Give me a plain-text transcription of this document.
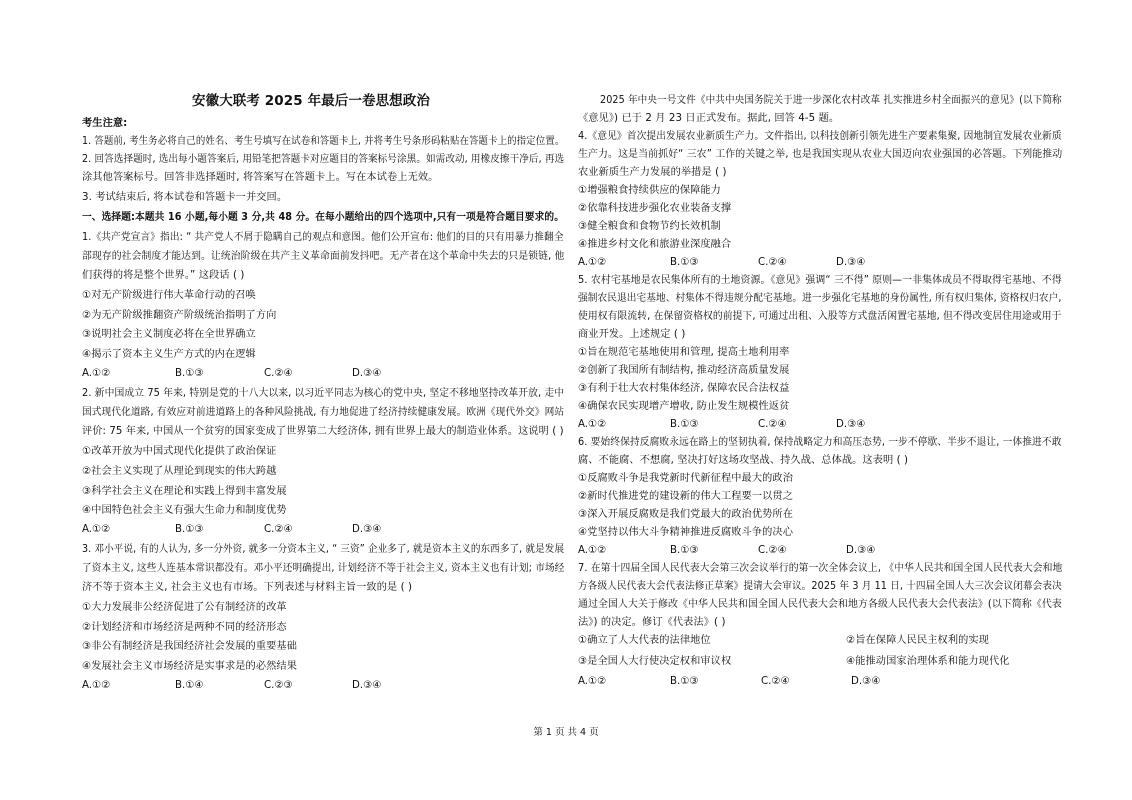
安徽大联考 2025 年最后一卷思想政治
考生注意:
1. 答题前, 考生务必将自己的姓名、考生号填写在试卷和答题卡上, 并将考生号条形码粘贴在答题卡上的指定位置。
2. 回答选择题时, 选出每小题答案后, 用铅笔把答题卡对应题目的答案标号涂黑。如需改动, 用橡皮擦干净后, 再选
涂其他答案标号。回答非选择题时, 将答案写在答题卡上。写在本试卷上无效。
3. 考试结束后, 将本试卷和答题卡一并交回。
一、选择题:本题共 16 小题,每小题 3 分,共 48 分。在每小题给出的四个选项中,只有一项是符合题目要求的。
1.《共产党宣言》指出: “ 共产党人不屑于隐瞒自己的观点和意图。他们公开宣布: 他们的目的只有用暴力推翻全
部现存的社会制度才能达到。让统治阶级在共产主义革命面前发抖吧。无产者在这个革命中失去的只是锁链, 他
们获得的将是整个世界。” 这段话 ( )
①对无产阶级进行伟大革命行动的召唤
②为无产阶级推翻资产阶级统治指明了方向
③说明社会主义制度必将在全世界确立
④揭示了资本主义生产方式的内在逻辑
A.①②	B.①③	C.②④	D.③④
2. 新中国成立 75 年来, 特别是党的十八大以来, 以习近平同志为核心的党中央, 坚定不移地坚持改革开放, 走中
国式现代化道路, 有效应对前进道路上的各种风险挑战, 有力地促进了经济持续健康发展。欧洲《现代外交》网站
评价: 75 年来, 中国从一个贫穷的国家变成了世界第二大经济体, 拥有世界上最大的制造业体系。这说明 ( )
①改革开放为中国式现代化提供了政治保证
②社会主义实现了从理论到现实的伟大跨越
③科学社会主义在理论和实践上得到丰富发展
④中国特色社会主义有强大生命力和制度优势
A.①②	B.①③	C.②④	D.③④
3. 邓小平说, 有的人认为, 多一分外资, 就多一分资本主义, “ 三资” 企业多了, 就是资本主义的东西多了, 就是发展
了资本主义, 这些人连基本常识都没有。邓小平还明确提出, 计划经济不等于社会主义, 资本主义也有计划; 市场经
济不等于资本主义, 社会主义也有市场。下列表述与材料主旨一致的是 ( )
①大力发展非公经济促进了公有制经济的改革
②计划经济和市场经济是两种不同的经济形态
③非公有制经济是我国经济社会发展的重要基础
④发展社会主义市场经济是实事求是的必然结果
A.①②	B.①④	C.②③	D.③④
2025 年中央一号文件《中共中央国务院关于进一步深化农村改革 扎实推进乡村全面振兴的意见》(以下简称
《意见》) 已于 2 月 23 日正式发布。据此, 回答 4-5 题。
4.《意见》首次提出发展农业新质生产力。文件指出, 以科技创新引领先进生产要素集聚, 因地制宜发展农业新质
生产力。这是当前抓好“ 三农” 工作的关键之举, 也是我国实现从农业大国迈向农业强国的必答题。下列能推动
农业新质生产力发展的举措是 ( )
①增强粮食持续供应的保障能力
②依靠科技进步强化农业装备支撑
③健全粮食和食物节约长效机制
④推进乡村文化和旅游业深度融合
A.①②	B.①③	C.②④	D.③④
5. 农村宅基地是农民集体所有的土地资源。《意见》强调“ 三不得” 原则—一非集体成员不得取得宅基地、不得
强制农民退出宅基地、村集体不得违规分配宅基地。进一步强化宅基地的身份属性, 所有权归集体, 资格权归农户,
使用权有限流转, 在保留资格权的前提下, 可通过出租、入股等方式盘活闲置宅基地, 但不得改变居住用途或用于
商业开发。上述规定 ( )
①旨在规范宅基地使用和管理, 提高土地利用率
②创新了我国所有制结构, 推动经济高质量发展
③有利于壮大农村集体经济, 保障农民合法权益
④确保农民实现增产增收, 防止发生规模性返贫
A.①②	B.①③	C.②④	D.③④
6. 要始终保持反腐败永远在路上的坚韧执着, 保持战略定力和高压态势, 一步不停歇、半步不退让, 一体推进不敢
腐、不能腐、不想腐, 坚决打好这场攻坚战、持久战、总体战。这表明 ( )
①反腐败斗争是我党新时代新征程中最大的政治
②新时代推进党的建设新的伟大工程要一以贯之
③深入开展反腐败是我们党最大的政治优势所在
④党坚持以伟大斗争精神推进反腐败斗争的决心
A.①②	B.①③	C.②④	D.③④
7. 在第十四届全国人民代表大会第三次会议举行的第一次全体会议上, 《中华人民共和国全国人民代表大会和地
方各级人民代表大会代表法修正草案》提请大会审议。2025 年 3 月 11 日, 十四届全国人大三次会议闭幕会表决
通过全国人大关于修改《中华人民共和国全国人民代表大会和地方各级人民代表大会代表法》(以下简称《代表
法》) 的决定。修订《代表法》( )
①确立了人大代表的法律地位	②旨在保障人民民主权利的实现
③是全国人大行使决定权和审议权	④能推动国家治理体系和能力现代化
A.①②	B.①③	C.②④	D.③④
第 1 页 共 4 页
